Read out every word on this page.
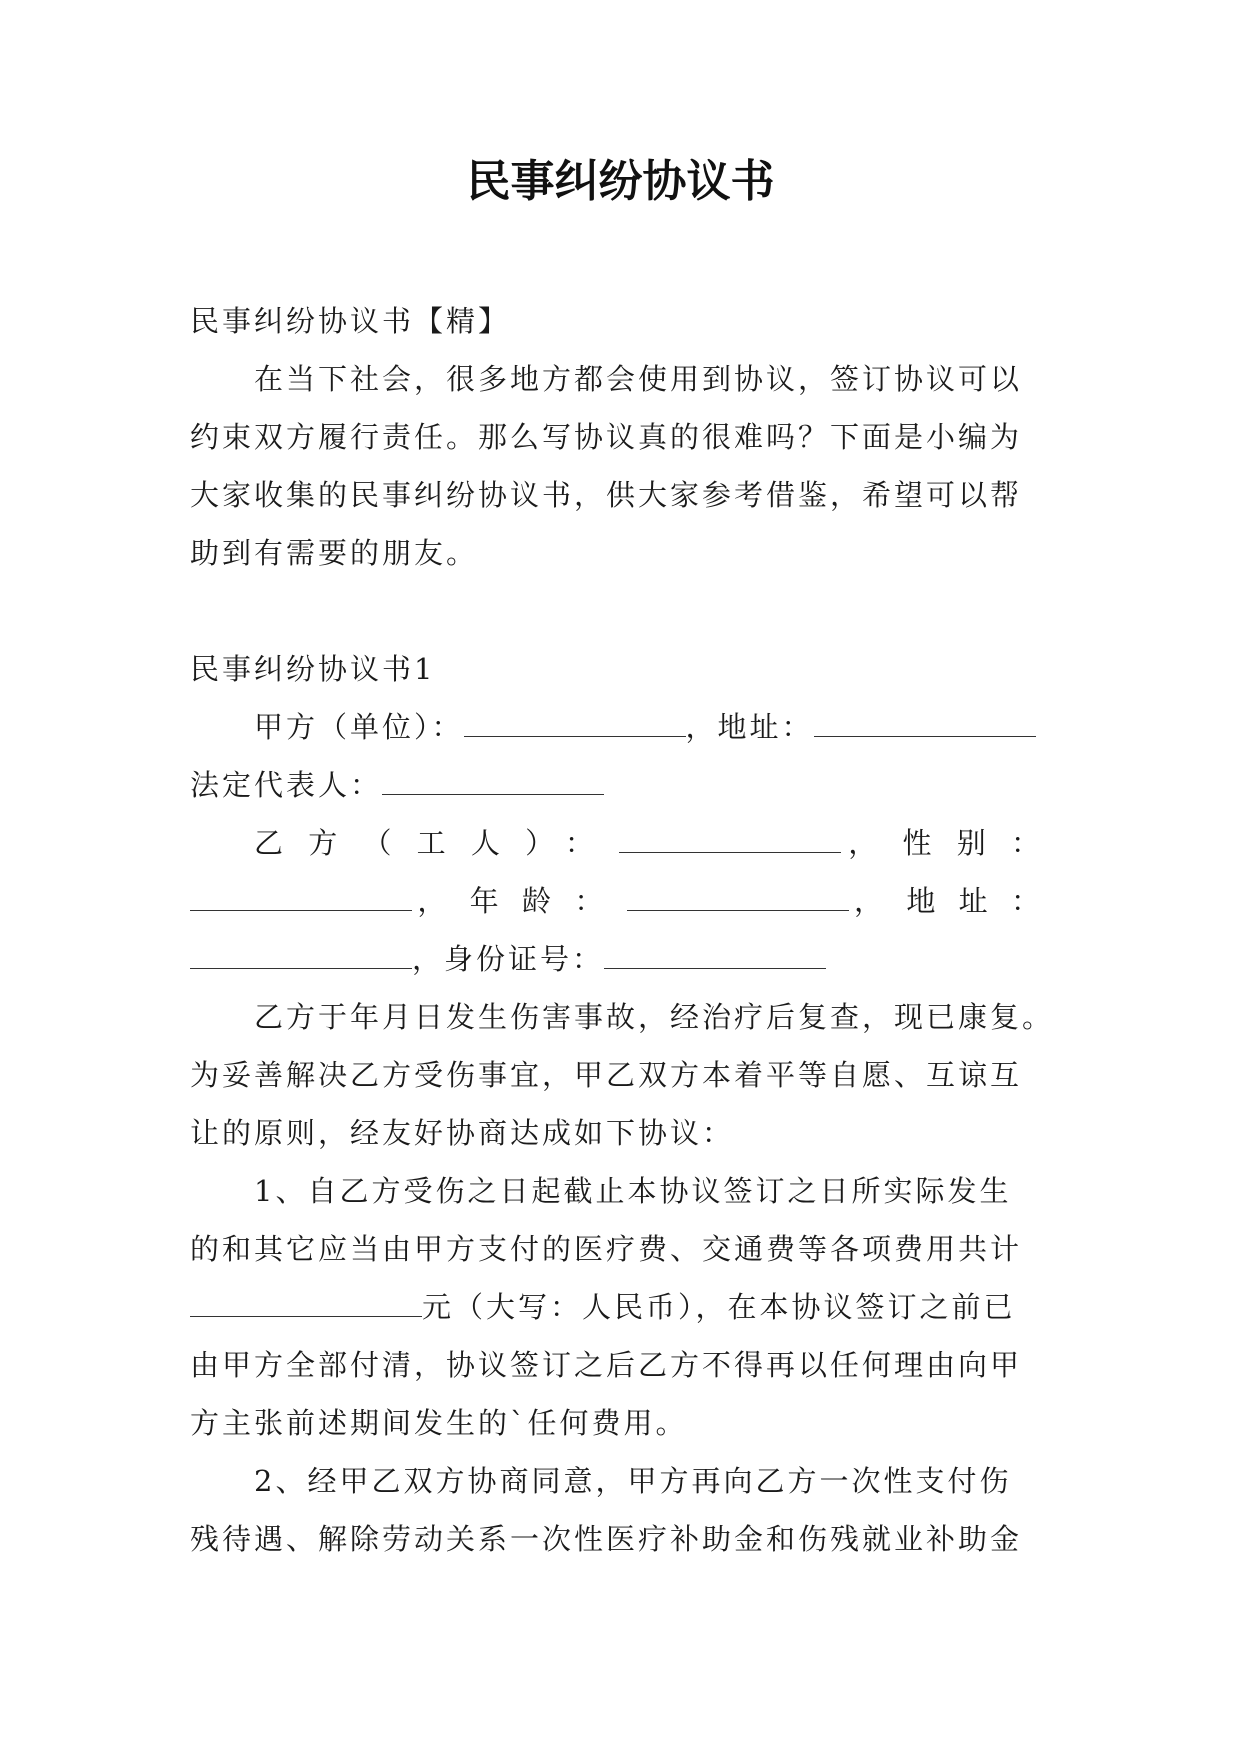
民事纠纷协议书

民事纠纷协议书【精】

在当下社会，很多地方都会使用到协议，签订协议可以

约束双方履行责任。那么写协议真的很难吗？下面是小编为

大家收集的民事纠纷协议书，供大家参考借鉴，希望可以帮

助到有需要的朋友。

民事纠纷协议书1

甲方（单位）：	，地址：

法定代表人：

乙方（工人）：	，性别：

，年龄：	，地址：

，身份证号：

乙方于年月日发生伤害事故，经治疗后复查，现已康复。

为妥善解决乙方受伤事宜，甲乙双方本着平等自愿、互谅互

让的原则，经友好协商达成如下协议：

1、自乙方受伤之日起截止本协议签订之日所实际发生

的和其它应当由甲方支付的医疗费、交通费等各项费用共计

元（大写：人民币），在本协议签订之前已

由甲方全部付清，协议签订之后乙方不得再以任何理由向甲

方主张前述期间发生的`任何费用。

2、经甲乙双方协商同意，甲方再向乙方一次性支付伤

残待遇、解除劳动关系一次性医疗补助金和伤残就业补助金
